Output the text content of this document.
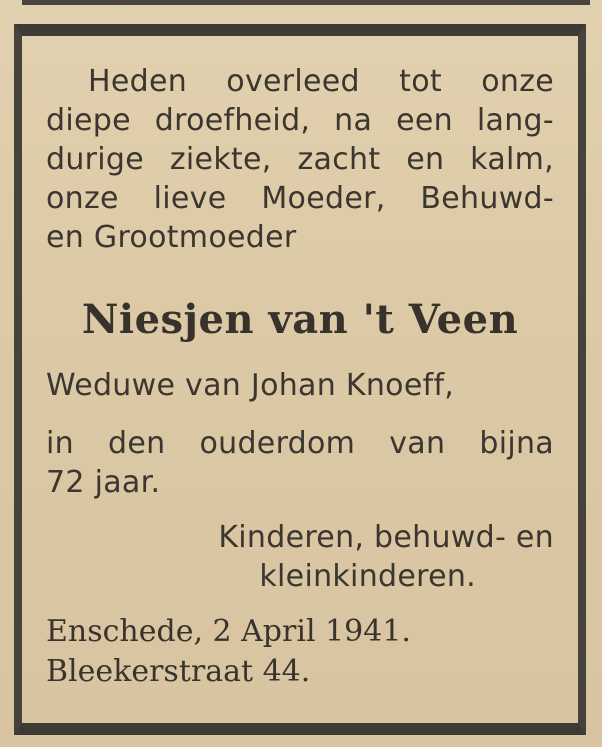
Heden overleed tot onze
diepe droefheid, na een lang-
durige ziekte, zacht en kalm,
onze lieve Moeder, Behuwd-
en Grootmoeder
Niesjen van 't Veen
Weduwe van Johan Knoeff,
in den ouderdom van bijna
72 jaar.
Kinderen, behuwd- en
kleinkinderen.
Enschede, 2 April 1941.
Bleekerstraat 44.
